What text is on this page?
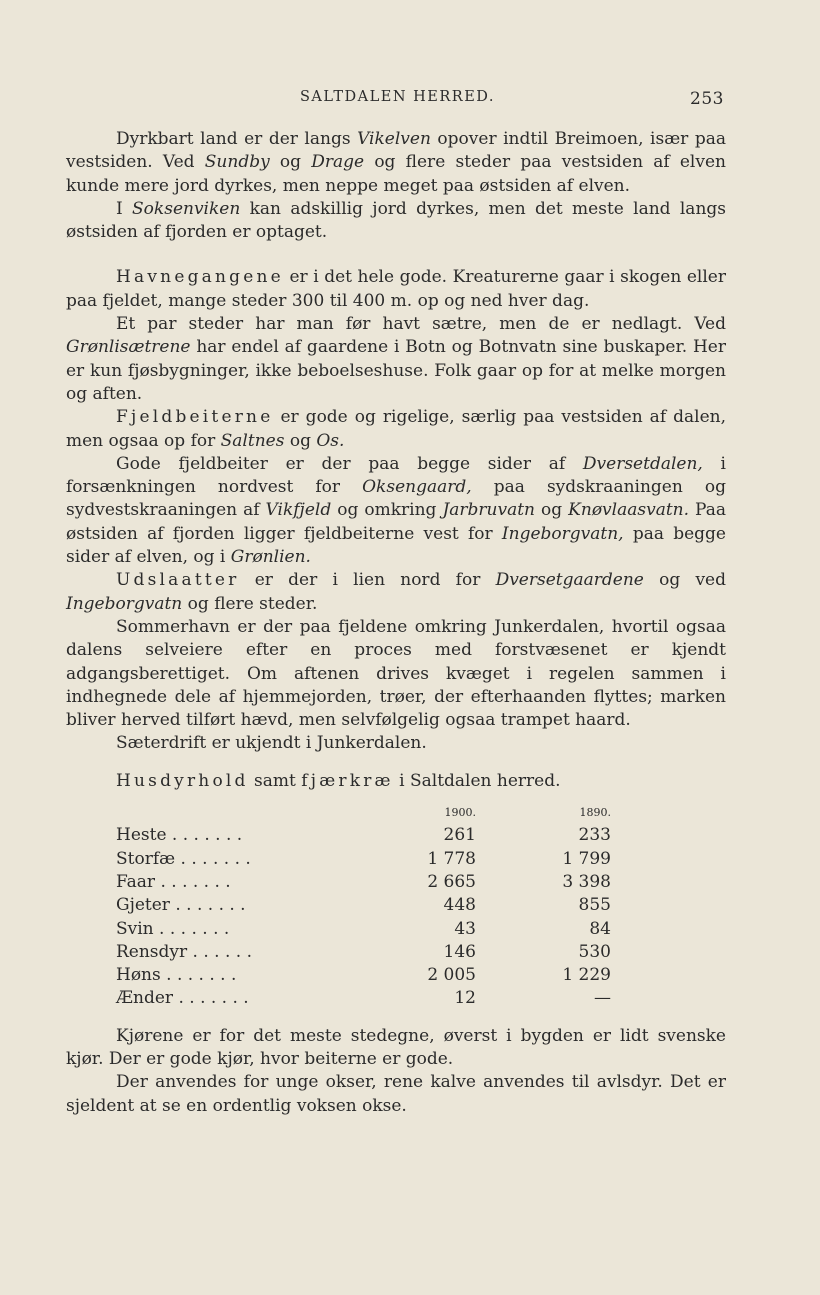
SALTDALEN HERRED.	253

Dyrkbart land er der langs Vikelven opover indtil Breimoen, især paa vestsiden. Ved Sundby og Drage og flere steder paa vestsiden af elven kunde mere jord dyrkes, men neppe meget paa østsiden af elven.

I Soksenviken kan adskillig jord dyrkes, men det meste land langs østsiden af fjorden er optaget.

Havnegangene er i det hele gode. Kreaturerne gaar i skogen eller paa fjeldet, mange steder 300 til 400 m. op og ned hver dag.

Et par steder har man før havt sætre, men de er nedlagt. Ved Grønlisætrene har endel af gaardene i Botn og Botnvatn sine buskaper. Her er kun fjøsbygninger, ikke beboelseshuse. Folk gaar op for at melke morgen og aften.

Fjeldbeiterne er gode og rigelige, særlig paa vestsiden af dalen, men ogsaa op for Saltnes og Os.

Gode fjeldbeiter er der paa begge sider af Dversetdalen, i forsænkningen nordvest for Oksengaard, paa sydskraaningen og sydvestskraaningen af Vikfjeld og omkring Jarbruvatn og Knøvlaasvatn. Paa østsiden af fjorden ligger fjeldbeiterne vest for Ingeborgvatn, paa begge sider af elven, og i Grønlien.

Udslaatter er der i lien nord for Dversetgaardene og ved Ingeborgvatn og flere steder.

Sommerhavn er der paa fjeldene omkring Junkerdalen, hvortil ogsaa dalens selveiere efter en proces med forstvæsenet er kjendt adgangsberettiget. Om aftenen drives kvæget i regelen sammen i indhegnede dele af hjemmejorden, trøer, der efterhaanden flyttes; marken bliver herved tilført hævd, men selvfølgelig ogsaa trampet haard.

Sæterdrift er ukjendt i Junkerdalen.

Husdyrhold samt fjærkræ i Saltdalen herred.

	1900.	1890.
Heste . . . . . . .	261	233
Storfæ . . . . . . .	1 778	1 799
Faar . . . . . . .	2 665	3 398
Gjeter . . . . . . .	448	855
Svin . . . . . . .	43	84
Rensdyr . . . . . .	146	530
Høns . . . . . . .	2 005	1 229
Ænder . . . . . . .	12	—

Kjørene er for det meste stedegne, øverst i bygden er lidt svenske kjør. Der er gode kjør, hvor beiterne er gode.

Der anvendes for unge okser, rene kalve anvendes til avlsdyr. Det er sjeldent at se en ordentlig voksen okse.
